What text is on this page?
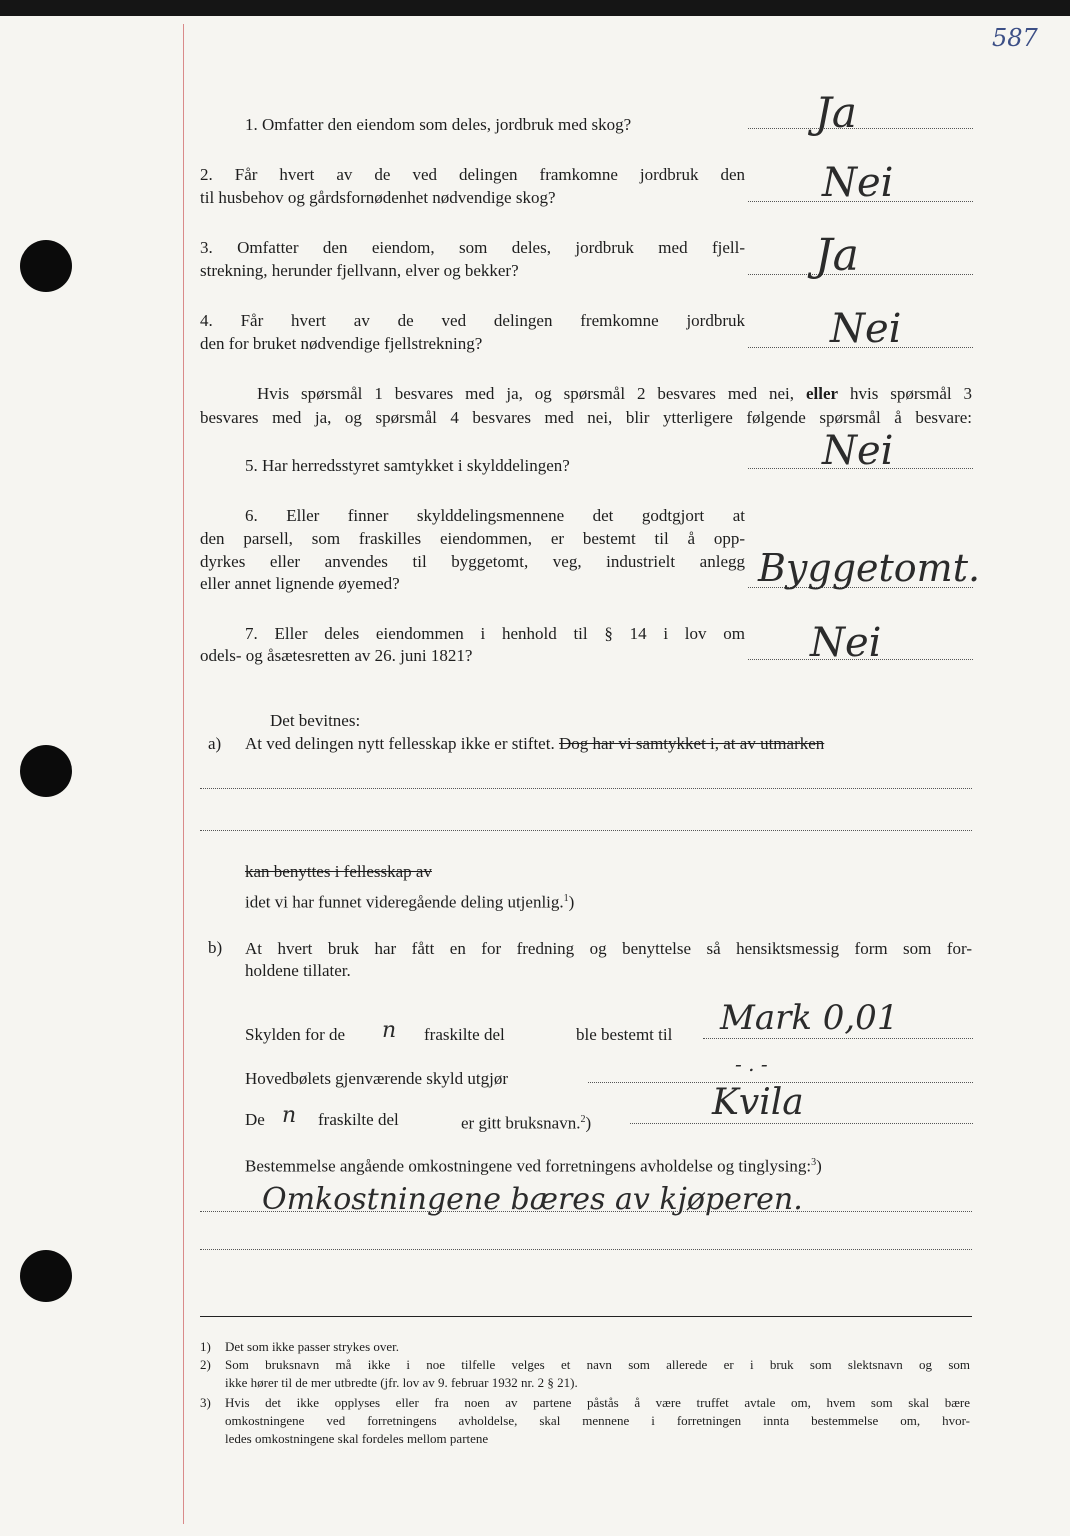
587
1. Omfatter den eiendom som deles, jordbruk med skog?	Ja
2. Får hvert av de ved delingen framkomne jordbruk den
til husbehov og gårdsfornødenhet nødvendige skog?	Nei
3. Omfatter den eiendom, som deles, jordbruk med fjell-
strekning, herunder fjellvann, elver og bekker?	Ja
4. Får hvert av de ved delingen fremkomne jordbruk
den for bruket nødvendige fjellstrekning?	Nei
Hvis spørsmål 1 besvares med ja, og spørsmål 2 besvares med nei, eller hvis spørsmål 3
besvares med ja, og spørsmål 4 besvares med nei, blir ytterligere følgende spørsmål å besvare:
5. Har herredsstyret samtykket i skylddelingen?	Nei
6. Eller finner skylddelingsmennene det godtgjort at
den parsell, som fraskilles eiendommen, er bestemt til å opp-
dyrkes eller anvendes til byggetomt, veg, industrielt anlegg
eller annet lignende øyemed?	Byggetomt.
7. Eller deles eiendommen i henhold til § 14 i lov om
odels- og åsætesretten av 26. juni 1821?	Nei
Det bevitnes:
a) At ved delingen nytt fellesskap ikke er stiftet. Dog har vi samtykket i, at av utmarken
kan benyttes i fellesskap av
idet vi har funnet videregående deling utjenlig.$^1$)
b) At hvert bruk har fått en for fredning og benyttelse så hensiktsmessig form som for-
holdene tillater.
Skylden for de n fraskilte del	ble bestemt til Mark 0,01
Hovedbølets gjenværende skyld utgjør
- . -
De n fraskilte del	er gitt bruksnavn.$^2$)
Kvila
Bestemmelse angående omkostningene ved forretningens avholdelse og tinglysing:$^3$)
Omkostningene bæres av kjøperen.
1)	Det som ikke passer strykes over.
2)	Som bruksnavn må ikke i noe tilfelle velges et navn som allerede er i bruk som slektsnavn og som
ikke hører til de mer utbredte (jfr. lov av 9. februar 1932 nr. 2 § 21).
3)	Hvis det ikke opplyses eller fra noen av partene påstås å være truffet avtale om, hvem som skal bære
omkostningene ved forretningens avholdelse, skal mennene i forretningen innta bestemmelse om, hvor-
ledes omkostningene skal fordeles mellom partene
